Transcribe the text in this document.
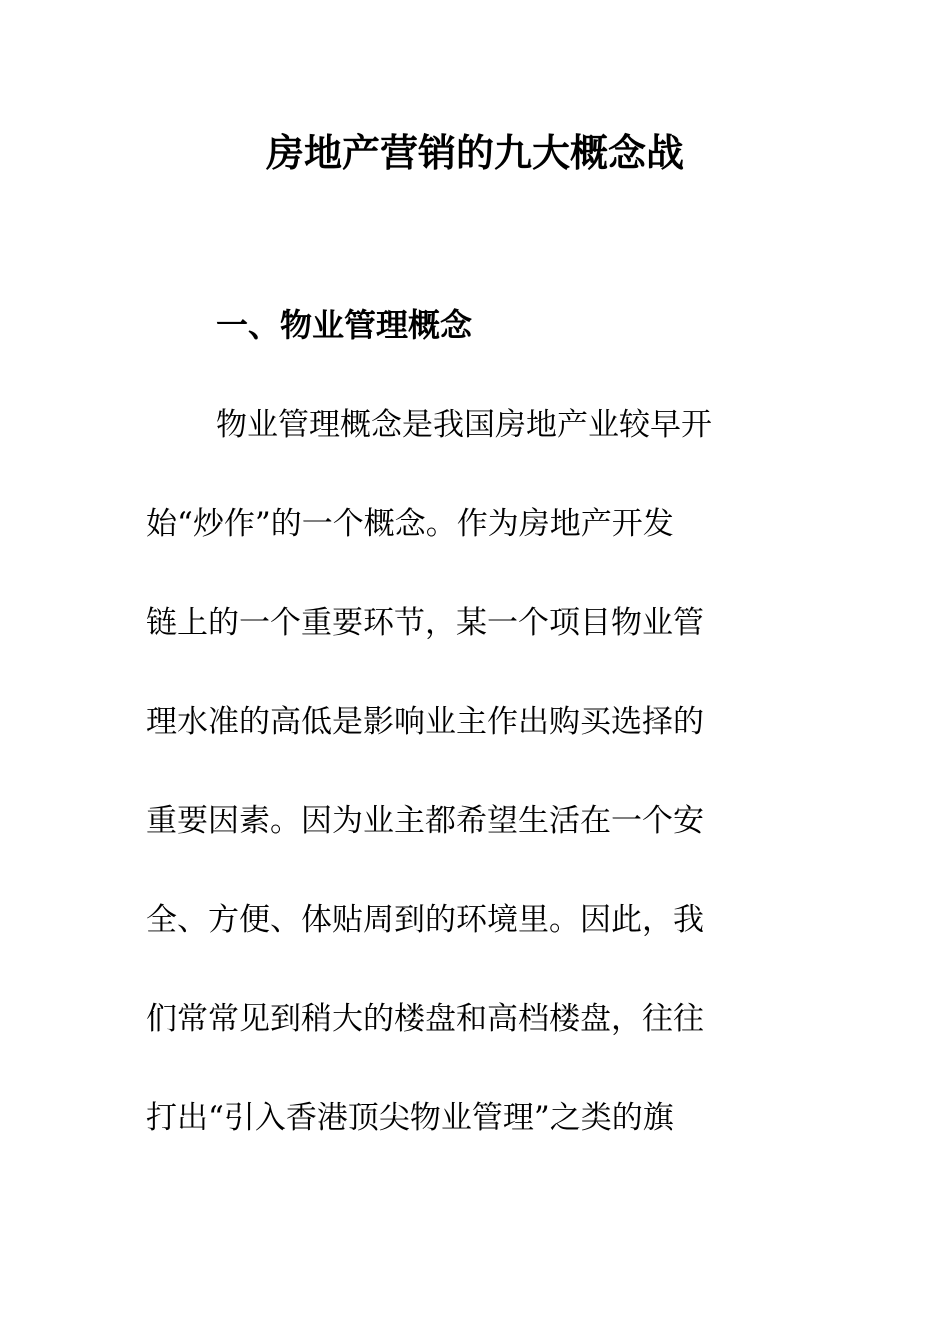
房地产营销的九大概念战
一、物业管理概念
物业管理概念是我国房地产业较早开
始“炒作”的一个概念。作为房地产开发
链上的一个重要环节，某一个项目物业管
理水准的高低是影响业主作出购买选择的
重要因素。因为业主都希望生活在一个安
全、方便、体贴周到的环境里。因此，我
们常常见到稍大的楼盘和高档楼盘，往往
打出“引入香港顶尖物业管理”之类的旗
